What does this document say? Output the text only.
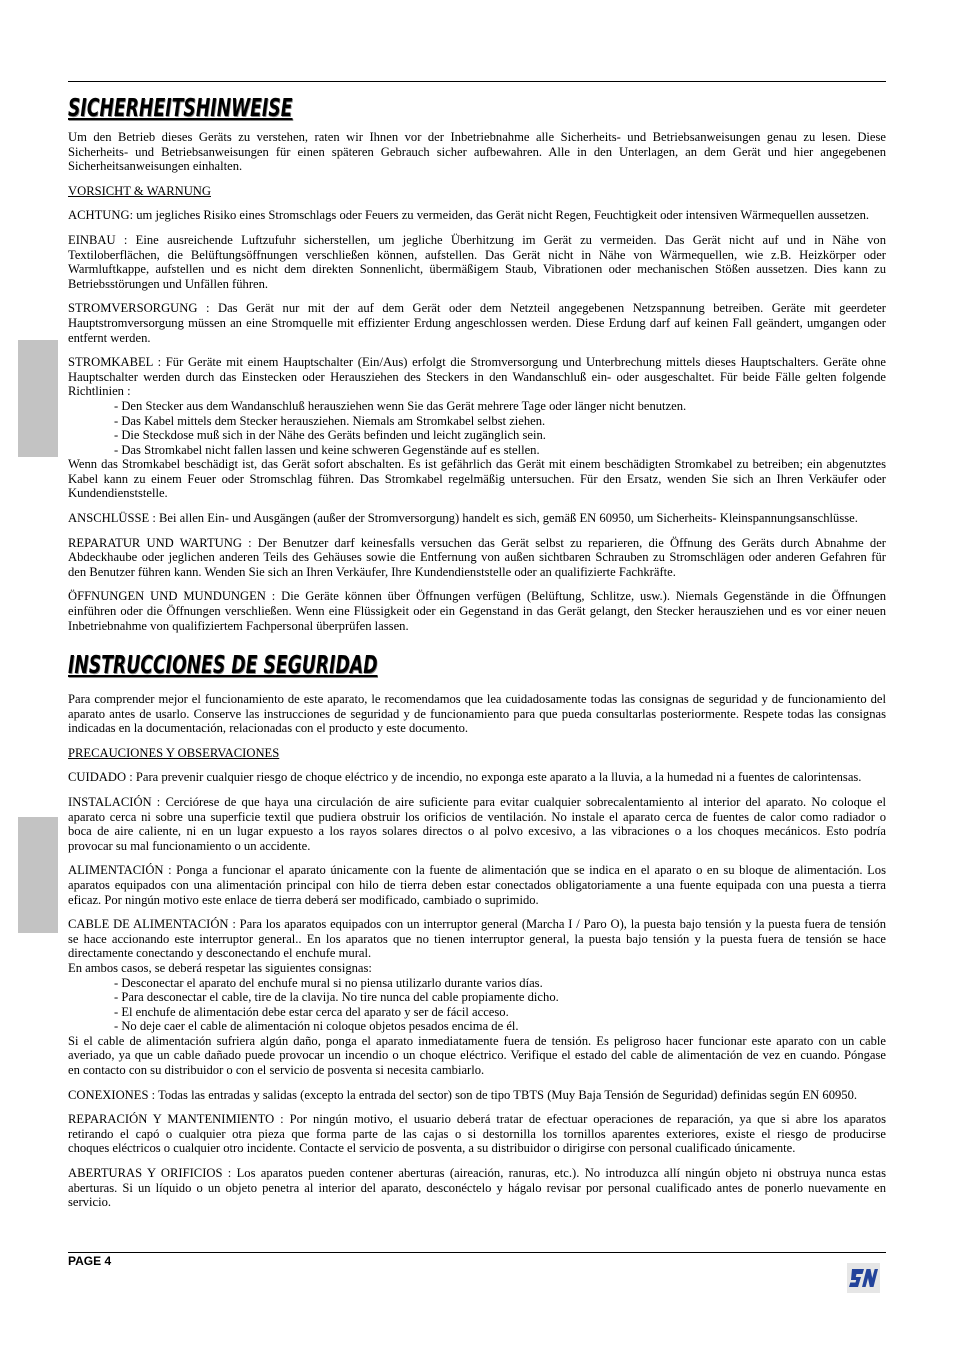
SICHERHEITSHINWEISE
Um den Betrieb dieses Geräts zu verstehen, raten wir Ihnen vor der Inbetriebnahme alle Sicherheits- und Betriebsanweisungen genau zu lesen. Diese
Sicherheits- und Betriebsanweisungen für einen späteren Gebrauch sicher aufbewahren. Alle in den Unterlagen, an dem Gerät und hier angegebenen
Sicherheitsanweisungen einhalten.
VORSICHT & WARNUNG
ACHTUNG: um jegliches Risiko eines Stromschlags oder Feuers zu vermeiden, das Gerät nicht Regen, Feuchtigkeit oder intensiven Wärmequellen aussetzen.
EINBAU : Eine ausreichende Luftzufuhr sicherstellen, um jegliche Überhitzung im Gerät zu vermeiden. Das Gerät nicht auf und in Nähe von
Textiloberflächen, die Belüftungsöffnungen verschließen können, aufstellen. Das Gerät nicht in Nähe von Wärmequellen, wie z.B. Heizkörper oder
Warmluftkappe, aufstellen und es nicht dem direkten Sonnenlicht, übermäßigem Staub, Vibrationen oder mechanischen Stößen aussetzen. Dies kann zu
Betriebsstörungen und Unfällen führen.
STROMVERSORGUNG : Das Gerät nur mit der auf dem Gerät oder dem Netzteil angegebenen Netzspannung betreiben. Geräte mit geerdeter
Hauptstromversorgung müssen an eine Stromquelle mit effizienter Erdung angeschlossen werden. Diese Erdung darf auf keinen Fall geändert, umgangen oder
entfernt werden.
STROMKABEL : Für Geräte mit einem Hauptschalter (Ein/Aus) erfolgt die Stromversorgung und Unterbrechung mittels dieses Hauptschalters. Geräte ohne
Hauptschalter werden durch das Einstecken oder Herausziehen des Steckers in den Wandanschluß ein- oder ausgeschaltet. Für beide Fälle gelten folgende
Richtlinien :
- Den Stecker aus dem Wandanschluß herausziehen wenn Sie das Gerät mehrere Tage oder länger nicht benutzen.
- Das Kabel mittels dem Stecker herausziehen. Niemals am Stromkabel selbst ziehen.
- Die Steckdose muß sich in der Nähe des Geräts befinden und leicht zugänglich sein.
- Das Stromkabel nicht fallen lassen und keine schweren Gegenstände auf es stellen.
Wenn das Stromkabel beschädigt ist, das Gerät sofort abschalten. Es ist gefährlich das Gerät mit einem beschädigten Stromkabel zu betreiben; ein abgenutztes
Kabel kann zu einem Feuer oder Stromschlag führen. Das Stromkabel regelmäßig untersuchen. Für den Ersatz, wenden Sie sich an Ihren Verkäufer oder
Kundendienststelle.
ANSCHLÜSSE : Bei allen Ein- und Ausgängen (außer der Stromversorgung) handelt es sich, gemäß EN 60950, um Sicherheits- Kleinspannungsanschlüsse.
REPARATUR UND WARTUNG : Der Benutzer darf keinesfalls versuchen das Gerät selbst zu reparieren, die Öffnung des Geräts durch Abnahme der
Abdeckhaube oder jeglichen anderen Teils des Gehäuses sowie die Entfernung von außen sichtbaren Schrauben zu Stromschlägen oder anderen Gefahren für
den Benutzer führen kann. Wenden Sie sich an Ihren Verkäufer, Ihre Kundendienststelle oder an qualifizierte Fachkräfte.
ÖFFNUNGEN UND MUNDUNGEN : Die Geräte können über Öffnungen verfügen (Belüftung, Schlitze, usw.). Niemals Gegenstände in die Öffnungen
einführen oder die Öffnungen verschließen. Wenn eine Flüssigkeit oder ein Gegenstand in das Gerät gelangt, den Stecker herausziehen und es vor einer neuen
Inbetriebnahme von qualifiziertem Fachpersonal überprüfen lassen.
INSTRUCCIONES DE SEGURIDAD
Para comprender mejor el funcionamiento de este aparato, le recomendamos que lea cuidadosamente todas las consignas de seguridad y de funcionamiento del
aparato antes de usarlo. Conserve las instrucciones de seguridad y de funcionamiento para que pueda consultarlas posteriormente. Respete todas las consignas
indicadas en la documentación, relacionadas con el producto y este documento.
PRECAUCIONES Y OBSERVACIONES
CUIDADO : Para prevenir cualquier riesgo de choque eléctrico y de incendio, no exponga este aparato a la lluvia, a la humedad ni a fuentes de calorintensas.
INSTALACIÓN : Cerciórese de que haya una circulación de aire suficiente para evitar cualquier sobrecalentamiento al interior del aparato. No coloque el
aparato cerca ni sobre una superficie textil que pudiera obstruir los orificios de ventilación. No instale el aparato cerca de fuentes de calor como radiador o
boca de aire caliente, ni en un lugar expuesto a los rayos solares directos o al polvo excesivo, a las vibraciones o a los choques mecánicos. Esto podría
provocar su mal funcionamiento o un accidente.
ALIMENTACIÓN : Ponga a funcionar el aparato únicamente con la fuente de alimentación que se indica en el aparato o en su bloque de alimentación. Los
aparatos equipados con una alimentación principal con hilo de tierra deben estar conectados obligatoriamente a una fuente equipada con una puesta a tierra
eficaz. Por ningún motivo este enlace de tierra deberá ser modificado, cambiado o suprimido.
CABLE DE ALIMENTACIÓN : Para los aparatos equipados con un interruptor general (Marcha I / Paro O), la puesta bajo tensión y la puesta fuera de tensión
se hace accionando este interruptor general.. En los aparatos que no tienen interruptor general, la puesta bajo tensión y la puesta fuera de tensión se hace
directamente conectando y desconectando el enchufe mural.
En ambos casos, se deberá respetar las siguientes consignas:
- Desconectar el aparato del enchufe mural si no piensa utilizarlo durante varios días.
- Para desconectar el cable, tire de la clavija. No tire nunca del cable propiamente dicho.
- El enchufe de alimentación debe estar cerca del aparato y ser de fácil acceso.
- No deje caer el cable de alimentación ni coloque objetos pesados encima de él.
Si el cable de alimentación sufriera algún daño, ponga el aparato inmediatamente fuera de tensión. Es peligroso hacer funcionar este aparato con un cable
averiado, ya que un cable dañado puede provocar un incendio o un choque eléctrico. Verifique el estado del cable de alimentación de vez en cuando. Póngase
en contacto con su distribuidor o con el servicio de posventa si necesita cambiarlo.
CONEXIONES : Todas las entradas y salidas (excepto la entrada del sector) son de tipo TBTS (Muy Baja Tensión de Seguridad) definidas según EN 60950.
REPARACIÓN Y MANTENIMIENTO : Por ningún motivo, el usuario deberá tratar de efectuar operaciones de reparación, ya que si abre los aparatos
retirando el capó o cualquier otra pieza que forma parte de las cajas o si destornilla los tornillos aparentes exteriores, existe el riesgo de producirse
choques eléctricos o cualquier otro incidente. Contacte el servicio de posventa, a su distribuidor o dirigirse con personal cualificado únicamente.
ABERTURAS Y ORIFICIOS : Los aparatos pueden contener aberturas (aireación, ranuras, etc.). No introduzca allí ningún objeto ni obstruya nunca estas
aberturas. Si un líquido o un objeto penetra al interior del aparato, desconéctelo y hágalo revisar por personal cualificado antes de ponerlo nuevamente en
servicio.
PAGE 4
